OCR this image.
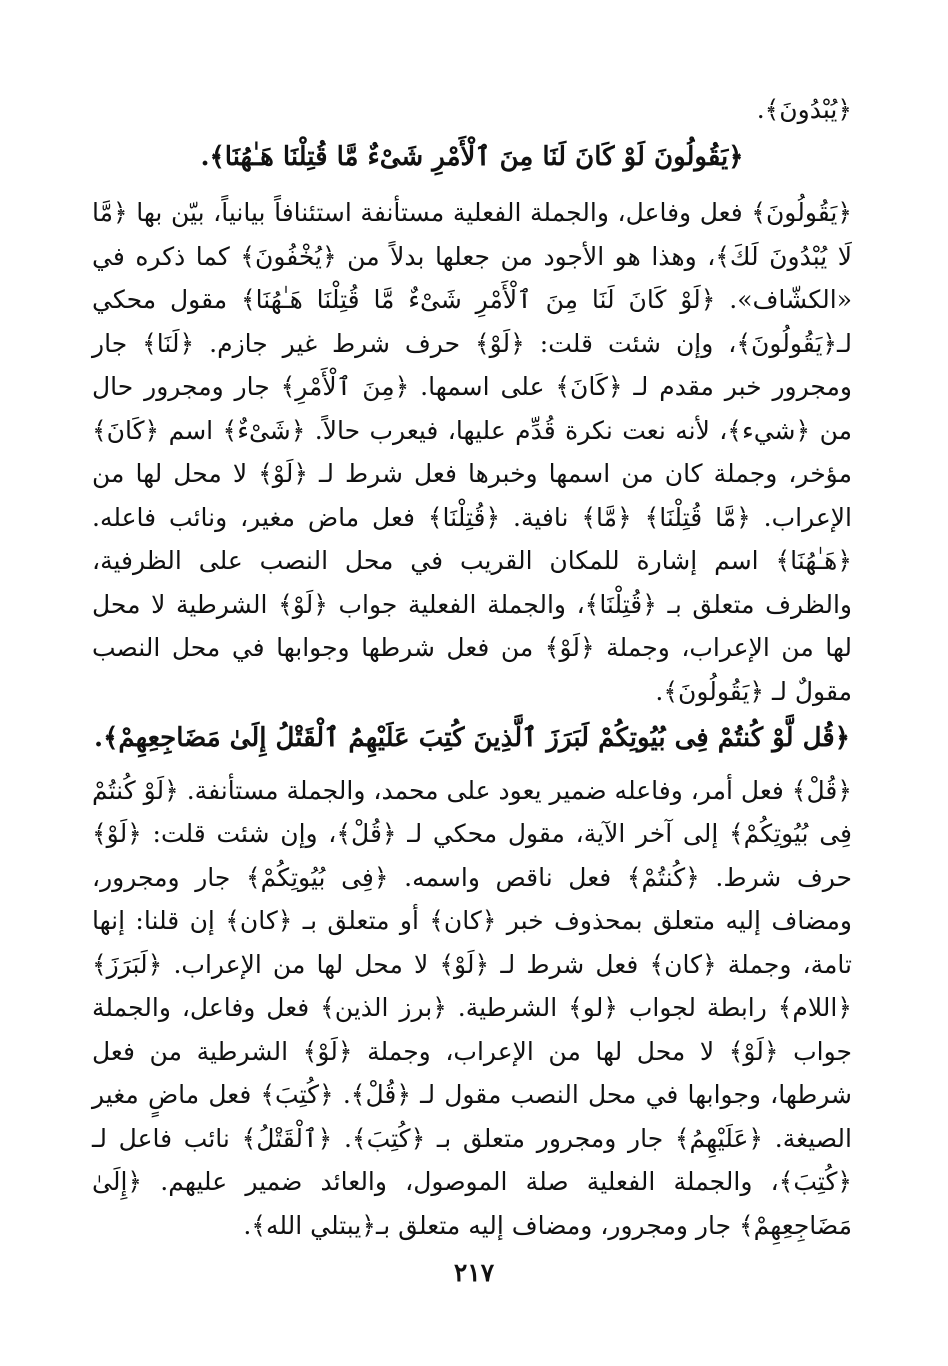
﴿يُبْدُونَ﴾.

﴿يَقُولُونَ لَوْ كَانَ لَنَا مِنَ ٱلْأَمْرِ شَىْءٌ مَّا قُتِلْنَا هَـٰهُنَا﴾.

﴿يَقُولُونَ﴾ فعل وفاعل، والجملة الفعلية مستأنفة استئنافاً بيانياً، بيّن بها ﴿مَّا لَا يُبْدُونَ لَكَ﴾، وهذا هو الأجود من جعلها بدلاً من ﴿يُخْفُونَ﴾ كما ذكره في «الكشّاف». ﴿لَوْ كَانَ لَنَا مِنَ ٱلْأَمْرِ شَىْءٌ مَّا قُتِلْنَا هَـٰهُنَا﴾ مقول محكي لـ﴿يَقُولُونَ﴾، وإن شئت قلت: ﴿لَوْ﴾ حرف شرط غير جازم. ﴿لَنَا﴾ جار ومجرور خبر مقدم لـ ﴿كَانَ﴾ على اسمها. ﴿مِنَ ٱلْأَمْرِ﴾ جار ومجرور حال من ﴿شيء﴾، لأنه نعت نكرة قُدِّم عليها، فيعرب حالاً. ﴿شَىْءٌ﴾ اسم ﴿كَانَ﴾ مؤخر، وجملة كان من اسمها وخبرها فعل شرط لـ ﴿لَوْ﴾ لا محل لها من الإعراب. ﴿مَّا قُتِلْنَا﴾ ﴿مَّا﴾ نافية. ﴿قُتِلْنَا﴾ فعل ماض مغير، ونائب فاعله. ﴿هَـٰهُنَا﴾ اسم إشارة للمكان القريب في محل النصب على الظرفية، والظرف متعلق بـ ﴿قُتِلْنَا﴾، والجملة الفعلية جواب ﴿لَوْ﴾ الشرطية لا محل لها من الإعراب، وجملة ﴿لَوْ﴾ من فعل شرطها وجوابها في محل النصب مقولٌ لـ ﴿يَقُولُونَ﴾.

﴿قُل لَّوْ كُنتُمْ فِى بُيُوتِكُمْ لَبَرَزَ ٱلَّذِينَ كُتِبَ عَلَيْهِمُ ٱلْقَتْلُ إِلَىٰ مَضَاجِعِهِمْ﴾.

﴿قُلْ﴾ فعل أمر، وفاعله ضمير يعود على محمد، والجملة مستأنفة. ﴿لَوْ كُنتُمْ فِى بُيُوتِكُمْ﴾ إلى آخر الآية، مقول محكي لـ ﴿قُلْ﴾، وإن شئت قلت: ﴿لَوْ﴾ حرف شرط. ﴿كُنتُمْ﴾ فعل ناقص واسمه. ﴿فِى بُيُوتِكُمْ﴾ جار ومجرور، ومضاف إليه متعلق بمحذوف خبر ﴿كان﴾ أو متعلق بـ ﴿كان﴾ إن قلنا: إنها تامة، وجملة ﴿كان﴾ فعل شرط لـ ﴿لَوْ﴾ لا محل لها من الإعراب. ﴿لَبَرَزَ﴾ ﴿اللام﴾ رابطة لجواب ﴿لو﴾ الشرطية. ﴿برز الذين﴾ فعل وفاعل، والجملة جواب ﴿لَوْ﴾ لا محل لها من الإعراب، وجملة ﴿لَوْ﴾ الشرطية من فعل شرطها، وجوابها في محل النصب مقول لـ ﴿قُلْ﴾. ﴿كُتِبَ﴾ فعل ماضٍ مغير الصيغة. ﴿عَلَيْهِمُ﴾ جار ومجرور متعلق بـ ﴿كُتِبَ﴾. ﴿ٱلْقَتْلُ﴾ نائب فاعل لـ ﴿كُتِبَ﴾، والجملة الفعلية صلة الموصول، والعائد ضمير عليهم. ﴿إِلَىٰ مَضَاجِعِهِمْ﴾ جار ومجرور، ومضاف إليه متعلق بـ﴿يبتلي الله﴾.

٢١٧
